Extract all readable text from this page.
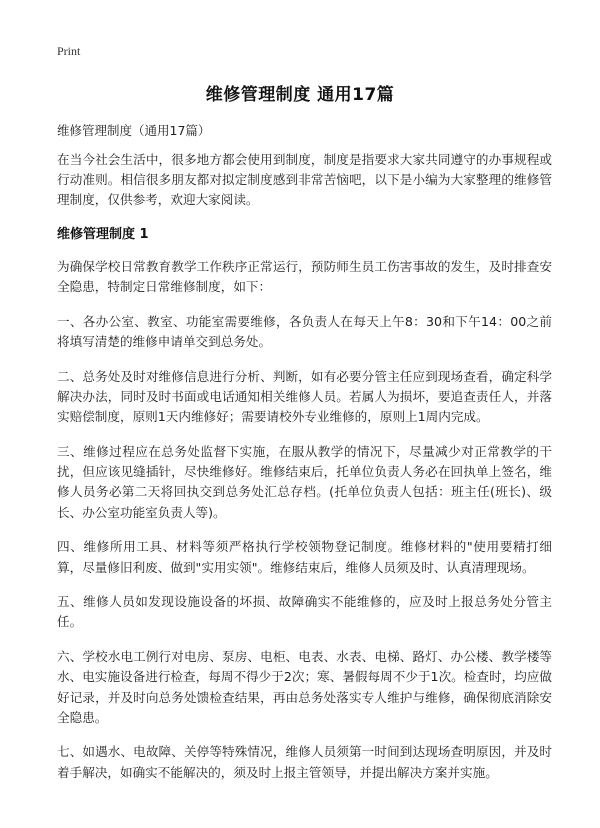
Print
维修管理制度 通用17篇
维修管理制度（通用17篇）

在当今社会生活中，很多地方都会使用到制度，制度是指要求大家共同遵守的办事规程或行动准则。相信很多朋友都对拟定制度感到非常苦恼吧，以下是小编为大家整理的维修管理制度，仅供参考，欢迎大家阅读。

维修管理制度 1

为确保学校日常教育教学工作秩序正常运行，预防师生员工伤害事故的发生，及时排查安全隐患，特制定日常维修制度，如下：

一、各办公室、教室、功能室需要维修，各负责人在每天上午8：30和下午14：00之前将填写清楚的维修申请单交到总务处。

二、总务处及时对维修信息进行分析、判断，如有必要分管主任应到现场查看，确定科学解决办法，同时及时书面或电话通知相关维修人员。若属人为损坏，要追查责任人，并落实赔偿制度，原则1天内维修好；需要请校外专业维修的，原则上1周内完成。

三、维修过程应在总务处监督下实施，在服从教学的情况下，尽量减少对正常教学的干扰，但应该见缝插针，尽快维修好。维修结束后，托单位负责人务必在回执单上签名，维修人员务必第二天将回执交到总务处汇总存档。(托单位负责人包括：班主任(班长)、级长、办公室功能室负责人等)。

四、维修所用工具、材料等须严格执行学校领物登记制度。维修材料的"使用要精打细算，尽量修旧利废、做到"实用实领"。维修结束后，维修人员须及时、认真清理现场。

五、维修人员如发现设施设备的坏损、故障确实不能维修的，应及时上报总务处分管主任。

六、学校水电工例行对电房、泵房、电柜、电表、水表、电梯、路灯、办公楼、教学楼等水、电实施设备进行检查，每周不得少于2次；寒、暑假每周不少于1次。检查时，均应做好记录，并及时向总务处馈检查结果，再由总务处落实专人维护与维修，确保彻底消除安全隐患。

七、如遇水、电故障、关停等特殊情况，维修人员须第一时间到达现场查明原因，并及时着手解决，如确实不能解决的，须及时上报主管领导，并提出解决方案并实施。
